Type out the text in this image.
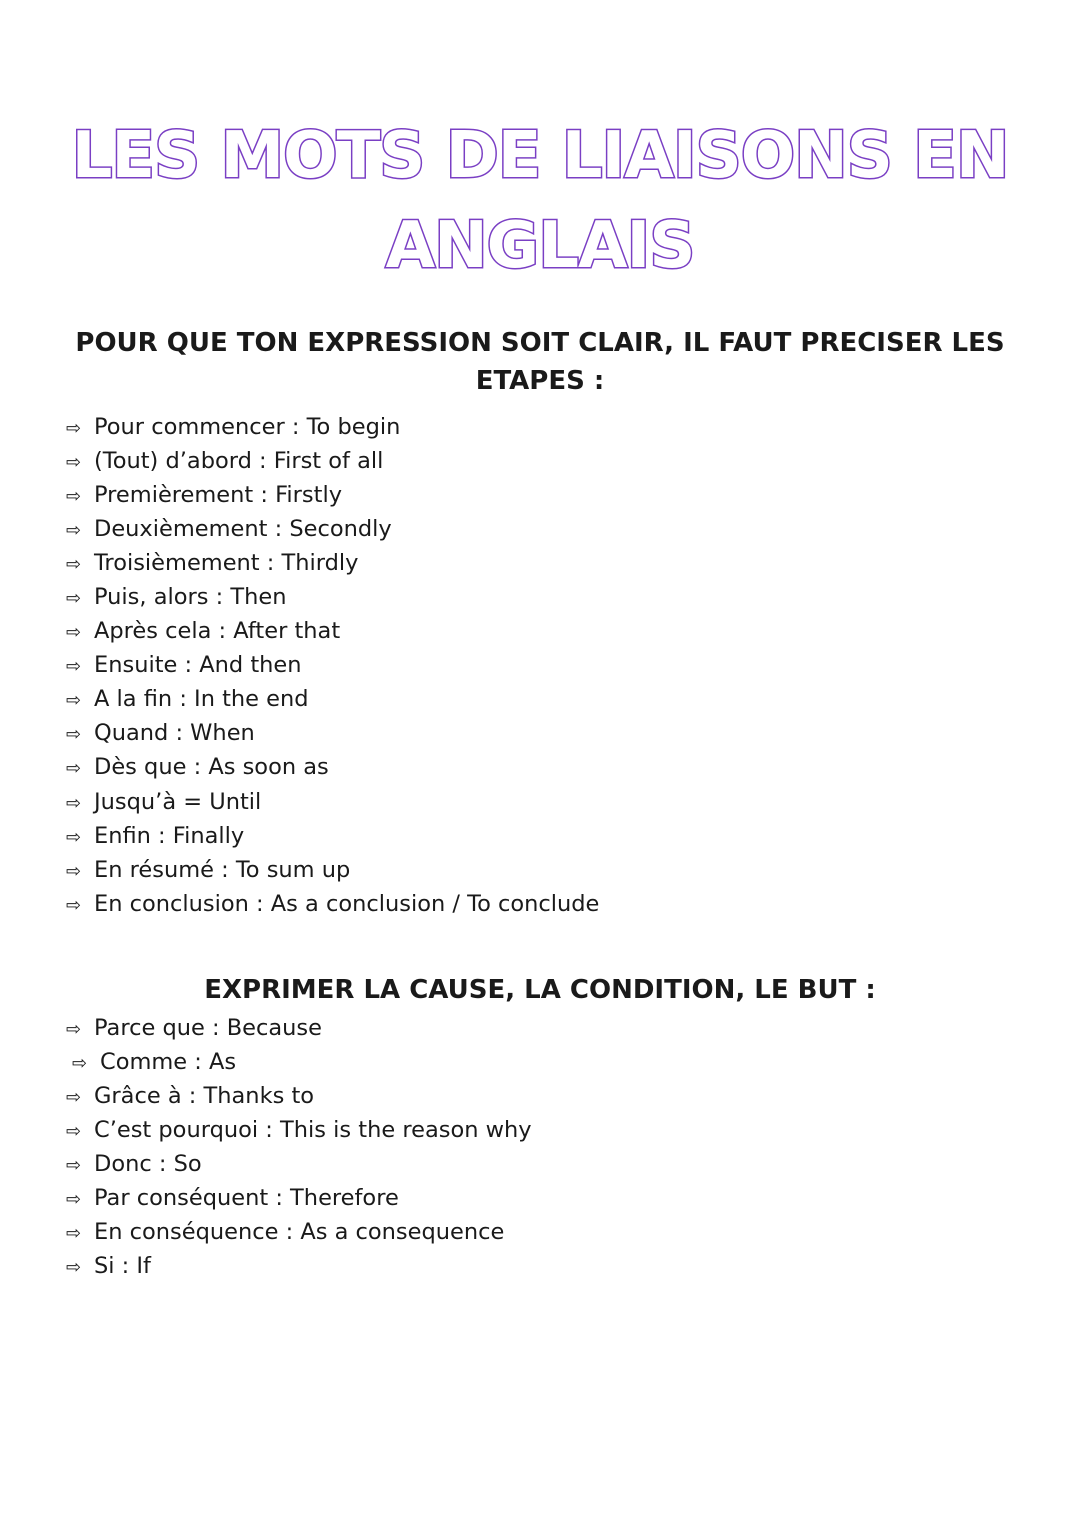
LES MOTS DE LIAISONS EN
ANGLAIS
POUR QUE TON EXPRESSION SOIT CLAIR, IL FAUT PRECISER LES ETAPES :
⇨ Pour commencer : To begin
⇨ (Tout) d’abord : First of all
⇨ Premièrement : Firstly
⇨ Deuxièmement : Secondly
⇨ Troisièmement : Thirdly
⇨ Puis, alors : Then
⇨ Après cela : After that
⇨ Ensuite : And then
⇨ A la fin : In the end
⇨ Quand : When
⇨ Dès que : As soon as
⇨ Jusqu’à = Until
⇨ Enfin : Finally
⇨ En résumé : To sum up
⇨ En conclusion : As a conclusion / To conclude
EXPRIMER LA CAUSE, LA CONDITION, LE BUT :
⇨ Parce que : Because
⇨ Comme : As
⇨ Grâce à : Thanks to
⇨ C’est pourquoi : This is the reason why
⇨ Donc : So
⇨ Par conséquent : Therefore
⇨ En conséquence : As a consequence
⇨ Si : If
